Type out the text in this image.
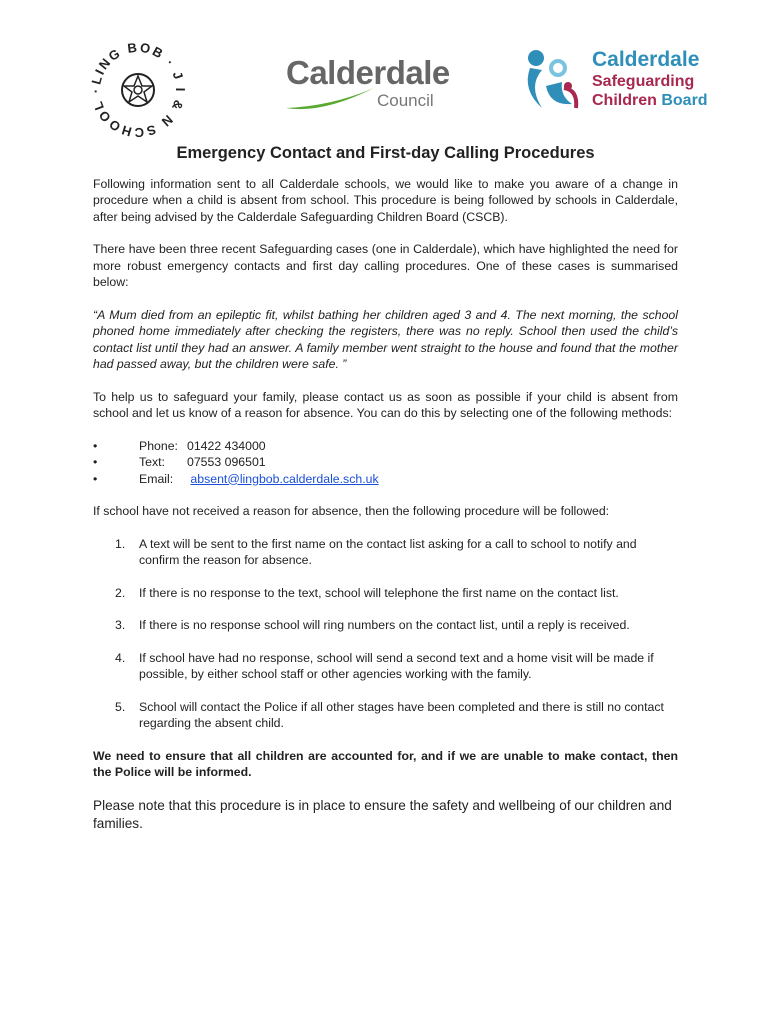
LING BOB · J I & N SCHOOL ·	Calderdale
Council
Calderdale
Safeguarding
Children Board
Emergency Contact and First-day Calling Procedures

Following information sent to all Calderdale schools, we would like to make you aware of a change in procedure when a child is absent from school. This procedure is being followed by schools in Calderdale, after being advised by the Calderdale Safeguarding Children Board (CSCB).

There have been three recent Safeguarding cases (one in Calderdale), which have highlighted the need for more robust emergency contacts and first day calling procedures. One of these cases is summarised below:

“A Mum died from an epileptic fit, whilst bathing her children aged 3 and 4. The next morning, the school phoned home immediately after checking the registers, there was no reply. School then used the child’s contact list until they had an answer. A family member went straight to the house and found that the mother had passed away, but the children were safe. ”

To help us to safeguard your family, please contact us as soon as possible if your child is absent from school and let us know of a reason for absence. You can do this by selecting one of the following methods:

•	Phone: 01422 434000
•	Text: 07553 096501
•	Email: absent@lingbob.calderdale.sch.uk

If school have not received a reason for absence, then the following procedure will be followed:

1. A text will be sent to the first name on the contact list asking for a call to school to notify and confirm the reason for absence.
2. If there is no response to the text, school will telephone the first name on the contact list.
3. If there is no response school will ring numbers on the contact list, until a reply is received.
4. If school have had no response, school will send a second text and a home visit will be made if possible, by either school staff or other agencies working with the family.
5. School will contact the Police if all other stages have been completed and there is still no contact regarding the absent child.

We need to ensure that all children are accounted for, and if we are unable to make contact, then the Police will be informed.

Please note that this procedure is in place to ensure the safety and wellbeing of our children and families.
